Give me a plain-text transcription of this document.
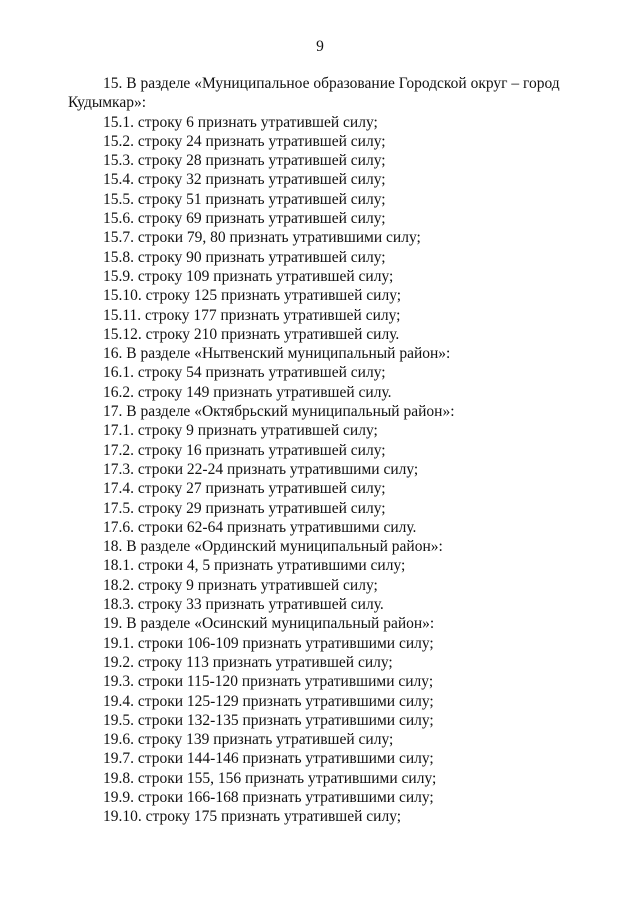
9
15. В разделе «Муниципальное образование Городской округ – город
Кудымкар»:
15.1. строку 6 признать утратившей силу;
15.2. строку 24 признать утратившей силу;
15.3. строку 28 признать утратившей силу;
15.4. строку 32 признать утратившей силу;
15.5. строку 51 признать утратившей силу;
15.6. строку 69 признать утратившей силу;
15.7. строки 79, 80 признать утратившими силу;
15.8. строку 90 признать утратившей силу;
15.9. строку 109 признать утратившей силу;
15.10. строку 125 признать утратившей силу;
15.11. строку 177 признать утратившей силу;
15.12. строку 210 признать утратившей силу.
16. В разделе «Нытвенский муниципальный район»:
16.1. строку 54 признать утратившей силу;
16.2. строку 149 признать утратившей силу.
17. В разделе «Октябрьский муниципальный район»:
17.1. строку 9 признать утратившей силу;
17.2. строку 16 признать утратившей силу;
17.3. строки 22-24 признать утратившими силу;
17.4. строку 27 признать утратившей силу;
17.5. строку 29 признать утратившей силу;
17.6. строки 62-64 признать утратившими силу.
18. В разделе «Ординский муниципальный район»:
18.1. строки 4, 5 признать утратившими силу;
18.2. строку 9 признать утратившей силу;
18.3. строку 33 признать утратившей силу.
19. В разделе «Осинский муниципальный район»:
19.1. строки 106-109 признать утратившими силу;
19.2. строку 113 признать утратившей силу;
19.3. строки 115-120 признать утратившими силу;
19.4. строки 125-129 признать утратившими силу;
19.5. строки 132-135 признать утратившими силу;
19.6. строку 139 признать утратившей силу;
19.7. строки 144-146 признать утратившими силу;
19.8. строки 155, 156 признать утратившими силу;
19.9. строки 166-168 признать утратившими силу;
19.10. строку 175 признать утратившей силу;
